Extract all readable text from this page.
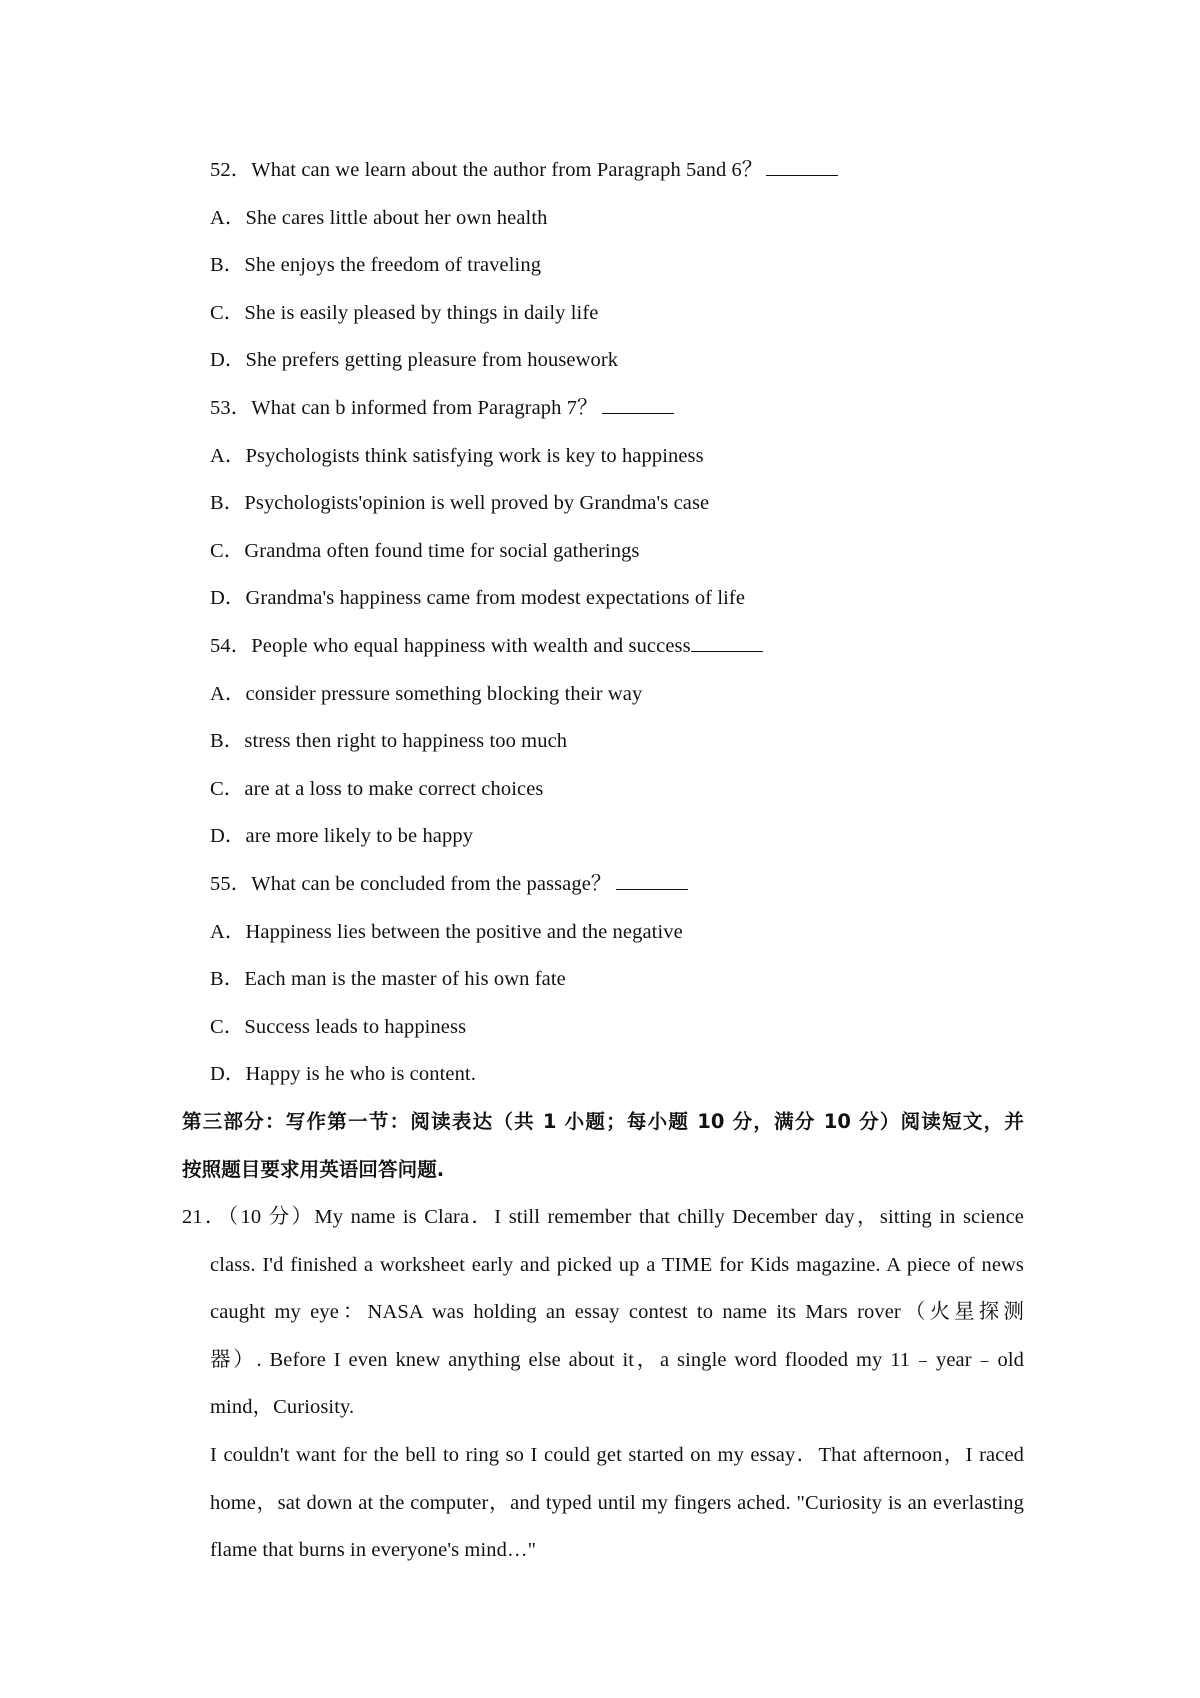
52．What can we learn about the author from Paragraph 5and 6？
A．She cares little about her own health
B．She enjoys the freedom of traveling
C．She is easily pleased by things in daily life
D．She prefers getting pleasure from housework
53．What can b informed from Paragraph 7？
A．Psychologists think satisfying work is key to happiness
B．Psychologists'opinion is well proved by Grandma's case
C．Grandma often found time for social gatherings
D．Grandma's happiness came from modest expectations of life
54．People who equal happiness with wealth and success
A．consider pressure something blocking their way
B．stress then right to happiness too much
C．are at a loss to make correct choices
D．are more likely to be happy
55．What can be concluded from the passage？
A．Happiness lies between the positive and the negative
B．Each man is the master of his own fate
C．Success leads to happiness
D．Happy is he who is content.
第三部分：写作第一节：阅读表达（共 1 小题；每小题 10 分，满分 10 分）阅读短文，并
按照题目要求用英语回答问题.
21．（10 分）My name is Clara．I still remember that chilly December day，sitting in science
class. I'd finished a worksheet early and picked up a TIME for Kids magazine. A piece of news
caught my eye：NASA was holding an essay contest to name its Mars rover（火星探测
器）. Before I even knew anything else about it，a single word flooded my 11﹣year﹣old
mind，Curiosity.
I couldn't want for the bell to ring so I could get started on my essay．That afternoon，I raced
home，sat down at the computer，and typed until my fingers ached. "Curiosity is an everlasting
flame that burns in everyone's mind…"
